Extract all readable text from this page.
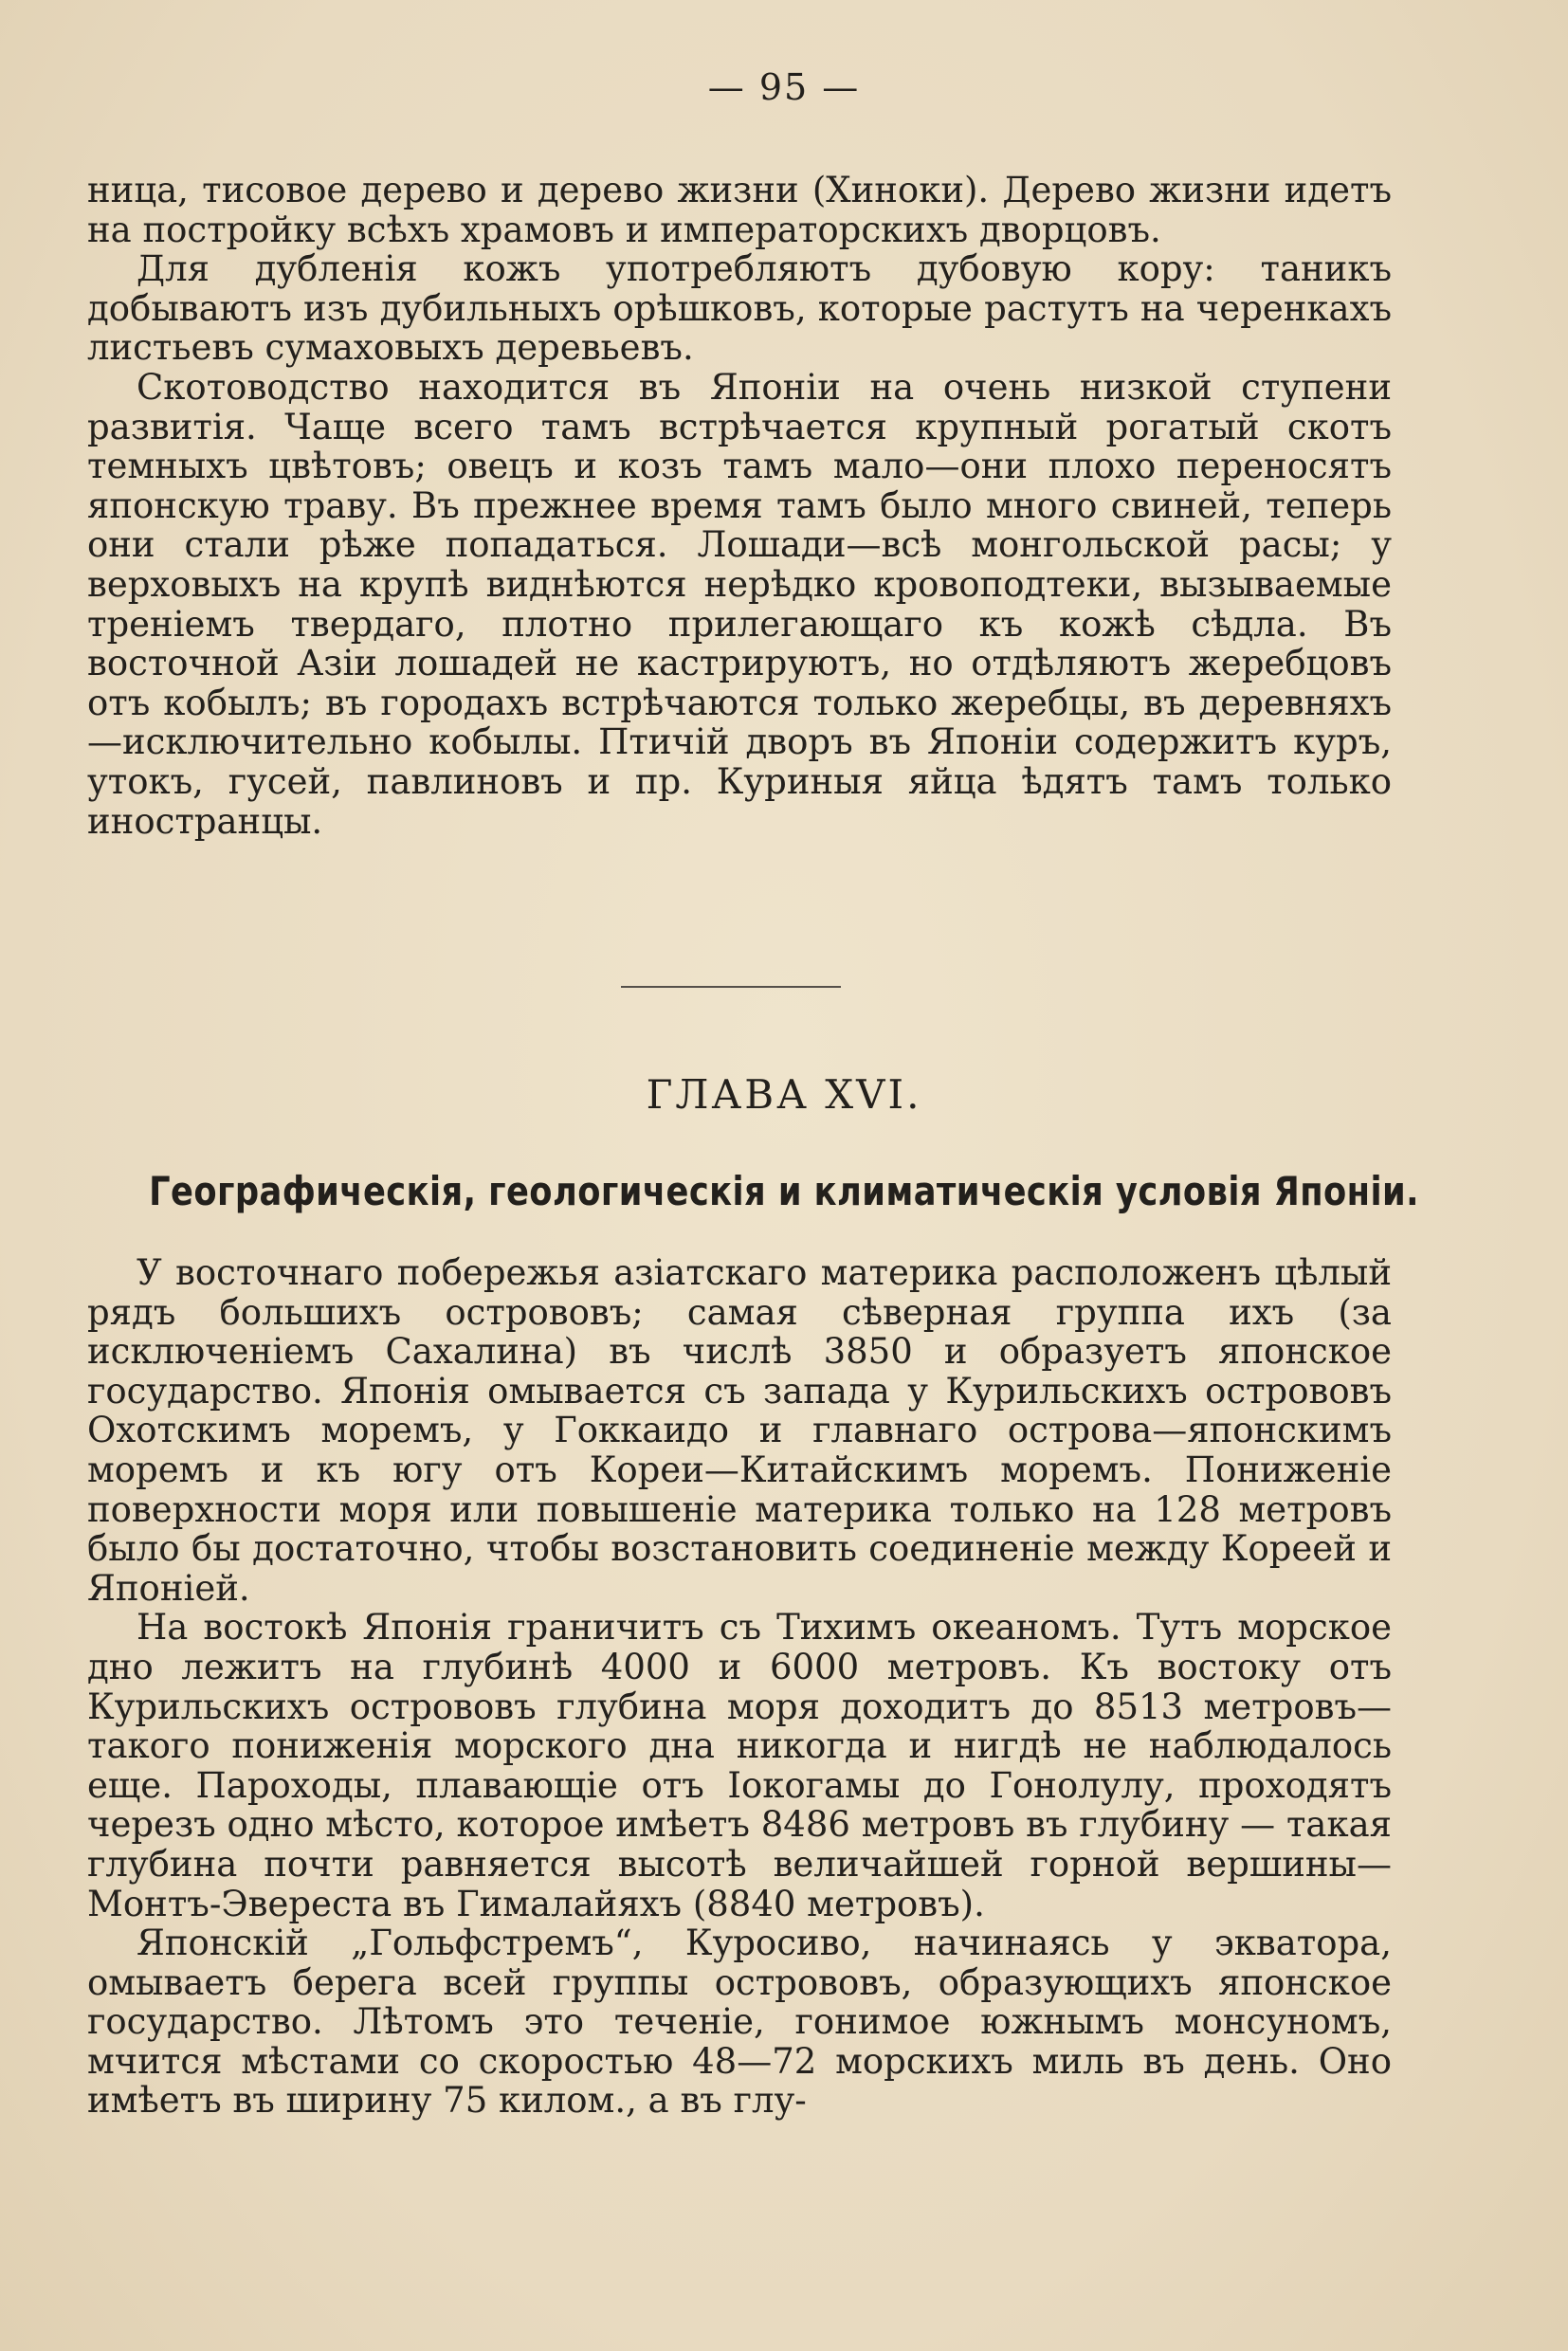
— 95 —

ница, тисовое дерево и дерево жизни (Хиноки). Дерево жизни идетъ на постройку всѣхъ храмовъ и императорскихъ дворцовъ.

Для дубленія кожъ употребляютъ дубовую кору: таникъ добываютъ изъ дубильныхъ орѣшковъ, которые растутъ на черенкахъ листьевъ сумаховыхъ деревьевъ.

Скотоводство находится въ Японіи на очень низкой ступени развитія. Чаще всего тамъ встрѣчается крупный рогатый скотъ темныхъ цвѣтовъ; овецъ и козъ тамъ мало—они плохо переносятъ японскую траву. Въ прежнее время тамъ было много свиней, теперь они стали рѣже попадаться. Лошади—всѣ монгольской расы; у верховыхъ на крупѣ виднѣются нерѣдко кровоподтеки, вызываемые треніемъ твердаго, плотно прилегающаго къ кожѣ сѣдла. Въ восточной Азіи лошадей не кастрируютъ, но отдѣляютъ жеребцовъ отъ кобылъ; въ городахъ встрѣчаются только жеребцы, въ деревняхъ—исключительно кобылы. Птичій дворъ въ Японіи содержитъ куръ, утокъ, гусей, павлиновъ и пр. Куриныя яйца ѣдятъ тамъ только иностранцы.

ГЛАВА XVI.
Географическія, геологическія и климатическія условія Японіи.

У восточнаго побережья азіатскаго материка расположенъ цѣлый рядъ большихъ острововъ; самая сѣверная группа ихъ (за исключеніемъ Сахалина) въ числѣ 3850 и образуетъ японское государство. Японія омывается съ запада у Курильскихъ острововъ Охотскимъ моремъ, у Гоккаидо и главнаго острова—японскимъ моремъ и къ югу отъ Кореи—Китайскимъ моремъ. Пониженіе поверхности моря или повышеніе материка только на 128 метровъ было бы достаточно, чтобы возстановить соединеніе между Кореей и Японіей.

На востокѣ Японія граничитъ съ Тихимъ океаномъ. Тутъ морское дно лежитъ на глубинѣ 4000 и 6000 метровъ. Къ востоку отъ Курильскихъ острововъ глубина моря доходитъ до 8513 метровъ—такого пониженія морского дна никогда и нигдѣ не наблюдалось еще. Пароходы, плавающіе отъ Іокогамы до Гонолулу, проходятъ черезъ одно мѣсто, которое имѣетъ 8486 метровъ въ глубину — такая глубина почти равняется высотѣ величайшей горной вершины—Монтъ-Эвереста въ Гималайяхъ (8840 метровъ).

Японскій „Гольфстремъ“, Куросиво, начинаясь у экватора, омываетъ берега всей группы острововъ, образующихъ японское государство. Лѣтомъ это теченіе, гонимое южнымъ монсуномъ, мчится мѣстами со скоростью 48—72 морскихъ миль въ день. Оно имѣетъ въ ширину 75 килом., а въ глу-
